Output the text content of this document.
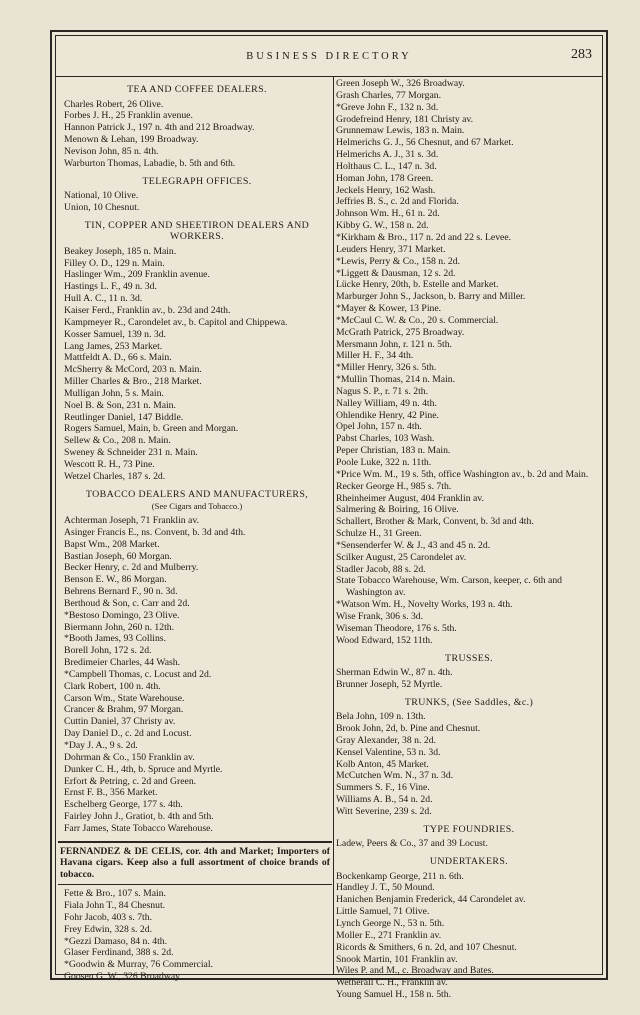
BUSINESS DIRECTORY	283
TEA AND COFFEE DEALERS.
Charles Robert, 26 Olive.
Forbes J. H., 25 Franklin avenue.
Hannon Patrick J., 197 n. 4th and 212 Broadway.
Menown & Lehan, 199 Broadway.
Nevison John, 85 n. 4th.
Warburton Thomas, Labadie, b. 5th and 6th.
TELEGRAPH OFFICES.
National, 10 Olive.
Union, 10 Chesnut.
TIN, COPPER AND SHEETIRON DEALERS AND WORKERS.
Beakey Joseph, 185 n. Main.
Filley O. D., 129 n. Main.
Haslinger Wm., 209 Franklin avenue.
Hastings L. F., 49 n. 3d.
Hull A. C., 11 n. 3d.
Kaiser Ferd., Franklin av., b. 23d and 24th.
Kampmeyer R., Carondelet av., b. Capitol and Chippewa.
Kosser Samuel, 139 n. 3d.
Lang James, 253 Market.
Mattfeldt A. D., 66 s. Main.
McSherry & McCord, 203 n. Main.
Miller Charles & Bro., 218 Market.
Mulligan John, 5 s. Main.
Noel B. & Son, 231 n. Main.
Reutlinger Daniel, 147 Biddle.
Rogers Samuel, Main, b. Green and Morgan.
Sellew & Co., 208 n. Main.
Sweney & Schneider 231 n. Main.
Wescott R. H., 73 Pine.
Wetzel Charles, 187 s. 2d.
TOBACCO DEALERS AND MANUFACTURERS,
(See Cigars and Tobacco.)
Achterman Joseph, 71 Franklin av.
Asinger Francis E., ns. Convent, b. 3d and 4th.
Bapst Wm., 208 Market.
Bastian Joseph, 60 Morgan.
Becker Henry, c. 2d and Mulberry.
Benson E. W., 86 Morgan.
Behrens Bernard F., 90 n. 3d.
Berthoud & Son, c. Carr and 2d.
*Bestoso Domingo, 23 Olive.
Biermann John, 260 n. 12th.
*Booth James, 93 Collins.
Borell John, 172 s. 2d.
Bredimeier Charles, 44 Wash.
*Campbell Thomas, c. Locust and 2d.
Clark Robert, 100 n. 4th.
Carson Wm., State Warehouse.
Crancer & Brahm, 97 Morgan.
Cuttin Daniel, 37 Christy av.
Day Daniel D., c. 2d and Locust.
*Day J. A., 9 s. 2d.
Dohrman & Co., 150 Franklin av.
Dunker C. H., 4th, b. Spruce and Myrtle.
Erfort & Petring, c. 2d and Green.
Ernst F. B., 356 Market.
Eschelberg George, 177 s. 4th.
Fairley John J., Gratiot, b. 4th and 5th.
Farr James, State Tobacco Warehouse.
FERNANDEZ & DE CELIS, cor. 4th and Market; Importers of Havana cigars. Keep also a full assortment of choice brands of tobacco.
Fette & Bro., 107 s. Main.
Fiala John T., 84 Chesnut.
Fohr Jacob, 403 s. 7th.
Frey Edwin, 328 s. 2d.
*Gezzi Damaso, 84 n. 4th.
Glaser Ferdinand, 388 s. 2d.
*Goodwin & Murray, 76 Commercial.
Goosen G. W., 326 Broadway.
Green Joseph W., 326 Broadway.
Grash Charles, 77 Morgan.
*Greve John F., 132 n. 3d.
Grodefreind Henry, 181 Christy av.
Grunnemaw Lewis, 183 n. Main.
Helmerichs G. J., 56 Chesnut, and 67 Market.
Helmerichs A. J., 31 s. 3d.
Holthaus C. L., 147 n. 3d.
Homan John, 178 Green.
Jeckels Henry, 162 Wash.
Jeffries B. S., c. 2d and Florida.
Johnson Wm. H., 61 n. 2d.
Kibby G. W., 158 n. 2d.
*Kirkham & Bro., 117 n. 2d and 22 s. Levee.
Leuders Henry, 371 Market.
*Lewis, Perry & Co., 158 n. 2d.
*Liggett & Dausman, 12 s. 2d.
Lücke Henry, 20th, b. Estelle and Market.
Marburger John S., Jackson, b. Barry and Miller.
*Mayer & Kower, 13 Pine.
*McCaul C. W. & Co., 20 s. Commercial.
McGrath Patrick, 275 Broadway.
Mersmann John, r. 121 n. 5th.
Miller H. F., 34 4th.
*Miller Henry, 326 s. 5th.
*Mullin Thomas, 214 n. Main.
Nagus S. P., r. 71 s. 2th.
Nalley William, 49 n. 4th.
Ohlendike Henry, 42 Pine.
Opel John, 157 n. 4th.
Pabst Charles, 103 Wash.
Peper Christian, 183 n. Main.
Poole Luke, 322 n. 11th.
*Price Wm. M., 19 s. 5th, office Washington av., b. 2d and Main.
Recker George H., 985 s. 7th.
Rheinheimer August, 404 Franklin av.
Salmering & Boiring, 16 Olive.
Schallert, Brother & Mark, Convent, b. 3d and 4th.
Schulze H., 31 Green.
*Sensenderfer W. & J., 43 and 45 n. 2d.
Scilker August, 25 Carondelet av.
Stadler Jacob, 88 s. 2d.
State Tobacco Warehouse, Wm. Carson, keeper, c. 6th and Washington av.
*Watson Wm. H., Novelty Works, 193 n. 4th.
Wise Frank, 306 s. 3d.
Wiseman Theodore, 176 s. 5th.
Wood Edward, 152 11th.
TRUSSES.
Sherman Edwin W., 87 n. 4th.
Brunner Joseph, 52 Myrtle.
TRUNKS, (See Saddles, &c.)
Bela John, 109 n. 13th.
Brook John, 2d, b. Pine and Chesnut.
Gray Alexander, 38 n. 2d.
Kensel Valentine, 53 n. 3d.
Kolb Anton, 45 Market.
McCutchen Wm. N., 37 n. 3d.
Summers S. F., 16 Vine.
Williams A. B., 54 n. 2d.
Witt Severine, 239 s. 2d.
TYPE FOUNDRIES.
Ladew, Peers & Co., 37 and 39 Locust.
UNDERTAKERS.
Bockenkamp George, 211 n. 6th.
Handley J. T., 50 Mound.
Hanichen Benjamin Frederick, 44 Carondelet av.
Little Samuel, 71 Olive.
Lynch George N., 53 n. 5th.
Moller E., 271 Franklin av.
Ricords & Smithers, 6 n. 2d, and 107 Chesnut.
Snook Martin, 101 Franklin av.
Wiles P. and M., c. Broadway and Bates.
Wetherall C. H., Franklin av.
Young Samuel H., 158 n. 5th.
